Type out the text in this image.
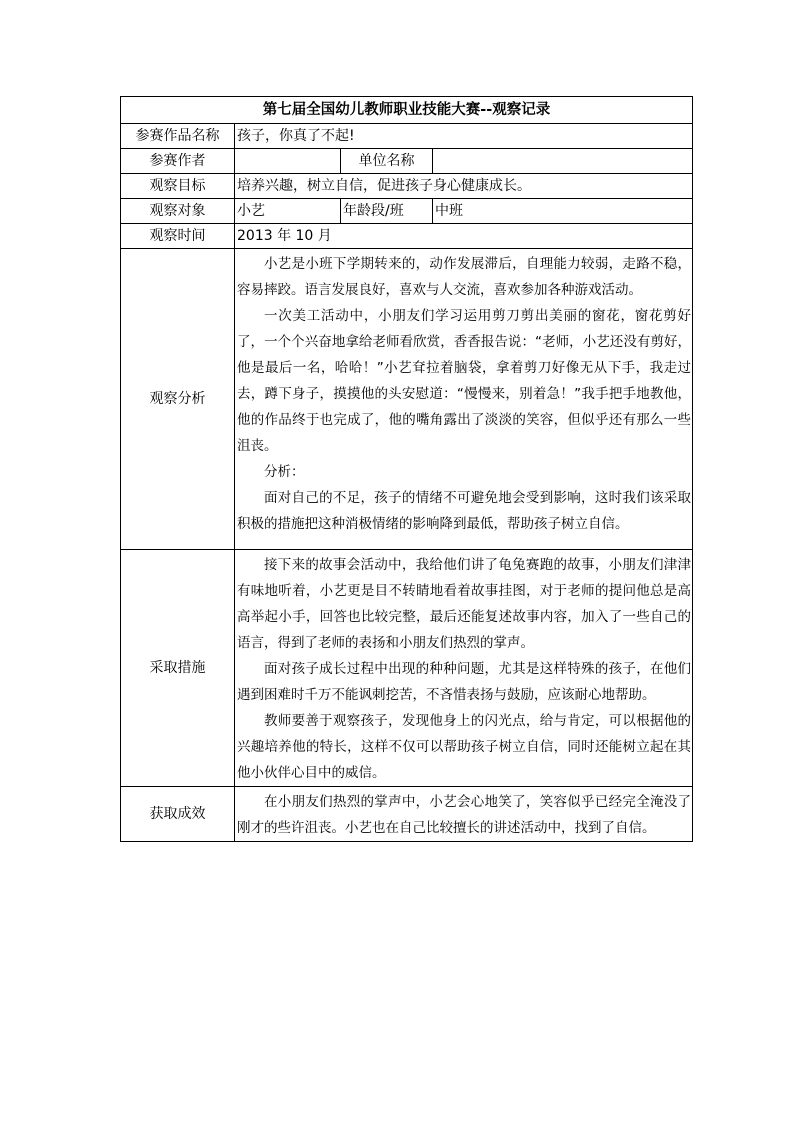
第七届全国幼儿教师职业技能大赛--观察记录			
参赛作品名称	孩子，你真了不起!		
参赛作者		单位名称	
观察目标	培养兴趣，树立自信，促进孩子身心健康成长。		
观察对象	小艺	年龄段/班	中班
观察时间	2013 年 10 月		
观察分析	小艺是小班下学期转来的，动作发展滞后，自理能力较弱，走路不稳，容易摔跤。语言发展良好，喜欢与人交流，喜欢参加各种游戏活动。

一次美工活动中，小朋友们学习运用剪刀剪出美丽的窗花，窗花剪好了，一个个兴奋地拿给老师看欣赏，香香报告说：“老师，小艺还没有剪好，他是最后一名，哈哈！”小艺耷拉着脑袋，拿着剪刀好像无从下手，我走过去，蹲下身子，摸摸他的头安慰道：“慢慢来，别着急！”我手把手地教他，他的作品终于也完成了，他的嘴角露出了淡淡的笑容，但似乎还有那么一些沮丧。

分析：

面对自己的不足，孩子的情绪不可避免地会受到影响，这时我们该采取积极的措施把这种消极情绪的影响降到最低，帮助孩子树立自信。		

采取措施	接下来的故事会活动中，我给他们讲了龟兔赛跑的故事，小朋友们津津有味地听着，小艺更是目不转睛地看着故事挂图，对于老师的提问他总是高高举起小手，回答也比较完整，最后还能复述故事内容，加入了一些自己的语言，得到了老师的表扬和小朋友们热烈的掌声。

面对孩子成长过程中出现的种种问题，尤其是这样特殊的孩子，在他们遇到困难时千万不能讽刺挖苦，不吝惜表扬与鼓励，应该耐心地帮助。

教师要善于观察孩子，发现他身上的闪光点，给与肯定，可以根据他的兴趣培养他的特长，这样不仅可以帮助孩子树立自信，同时还能树立起在其他小伙伴心目中的威信。		

获取成效	在小朋友们热烈的掌声中，小艺会心地笑了，笑容似乎已经完全淹没了刚才的些许沮丧。小艺也在自己比较擅长的讲述活动中，找到了自信。		
